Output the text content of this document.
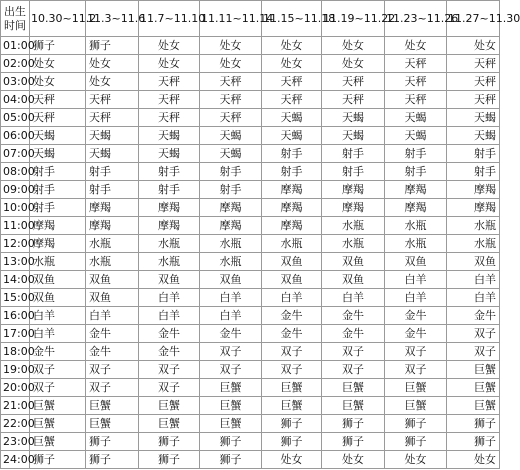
出生时间	10.30~11.2	11.3~11.6	11.7~11.10	11.11~11.14	11.15~11.18	11.19~11.22	11.23~11.26	11.27~11.30
01:00	狮子	狮子	处女	处女	处女	处女	处女	处女
02:00	处女	处女	处女	处女	处女	处女	天秤	天秤
03:00	处女	处女	天秤	天秤	天秤	天秤	天秤	天秤
04:00	天秤	天秤	天秤	天秤	天秤	天秤	天秤	天秤
05:00	天秤	天秤	天秤	天秤	天蝎	天蝎	天蝎	天蝎
06:00	天蝎	天蝎	天蝎	天蝎	天蝎	天蝎	天蝎	天蝎
07:00	天蝎	天蝎	天蝎	天蝎	射手	射手	射手	射手
08:00	射手	射手	射手	射手	射手	射手	射手	射手
09:00	射手	射手	射手	射手	摩羯	摩羯	摩羯	摩羯
10:00	射手	摩羯	摩羯	摩羯	摩羯	摩羯	摩羯	摩羯
11:00	摩羯	摩羯	摩羯	摩羯	摩羯	水瓶	水瓶	水瓶
12:00	摩羯	水瓶	水瓶	水瓶	水瓶	水瓶	水瓶	水瓶
13:00	水瓶	水瓶	水瓶	水瓶	双鱼	双鱼	双鱼	双鱼
14:00	双鱼	双鱼	双鱼	双鱼	双鱼	双鱼	白羊	白羊
15:00	双鱼	双鱼	白羊	白羊	白羊	白羊	白羊	白羊
16:00	白羊	白羊	白羊	白羊	金牛	金牛	金牛	金牛
17:00	白羊	金牛	金牛	金牛	金牛	金牛	金牛	双子
18:00	金牛	金牛	金牛	双子	双子	双子	双子	双子
19:00	双子	双子	双子	双子	双子	双子	双子	巨蟹
20:00	双子	双子	双子	巨蟹	巨蟹	巨蟹	巨蟹	巨蟹
21:00	巨蟹	巨蟹	巨蟹	巨蟹	巨蟹	巨蟹	巨蟹	巨蟹
22:00	巨蟹	巨蟹	巨蟹	巨蟹	狮子	狮子	狮子	狮子
23:00	巨蟹	狮子	狮子	狮子	狮子	狮子	狮子	狮子
24:00	狮子	狮子	狮子	狮子	处女	处女	处女	处女
